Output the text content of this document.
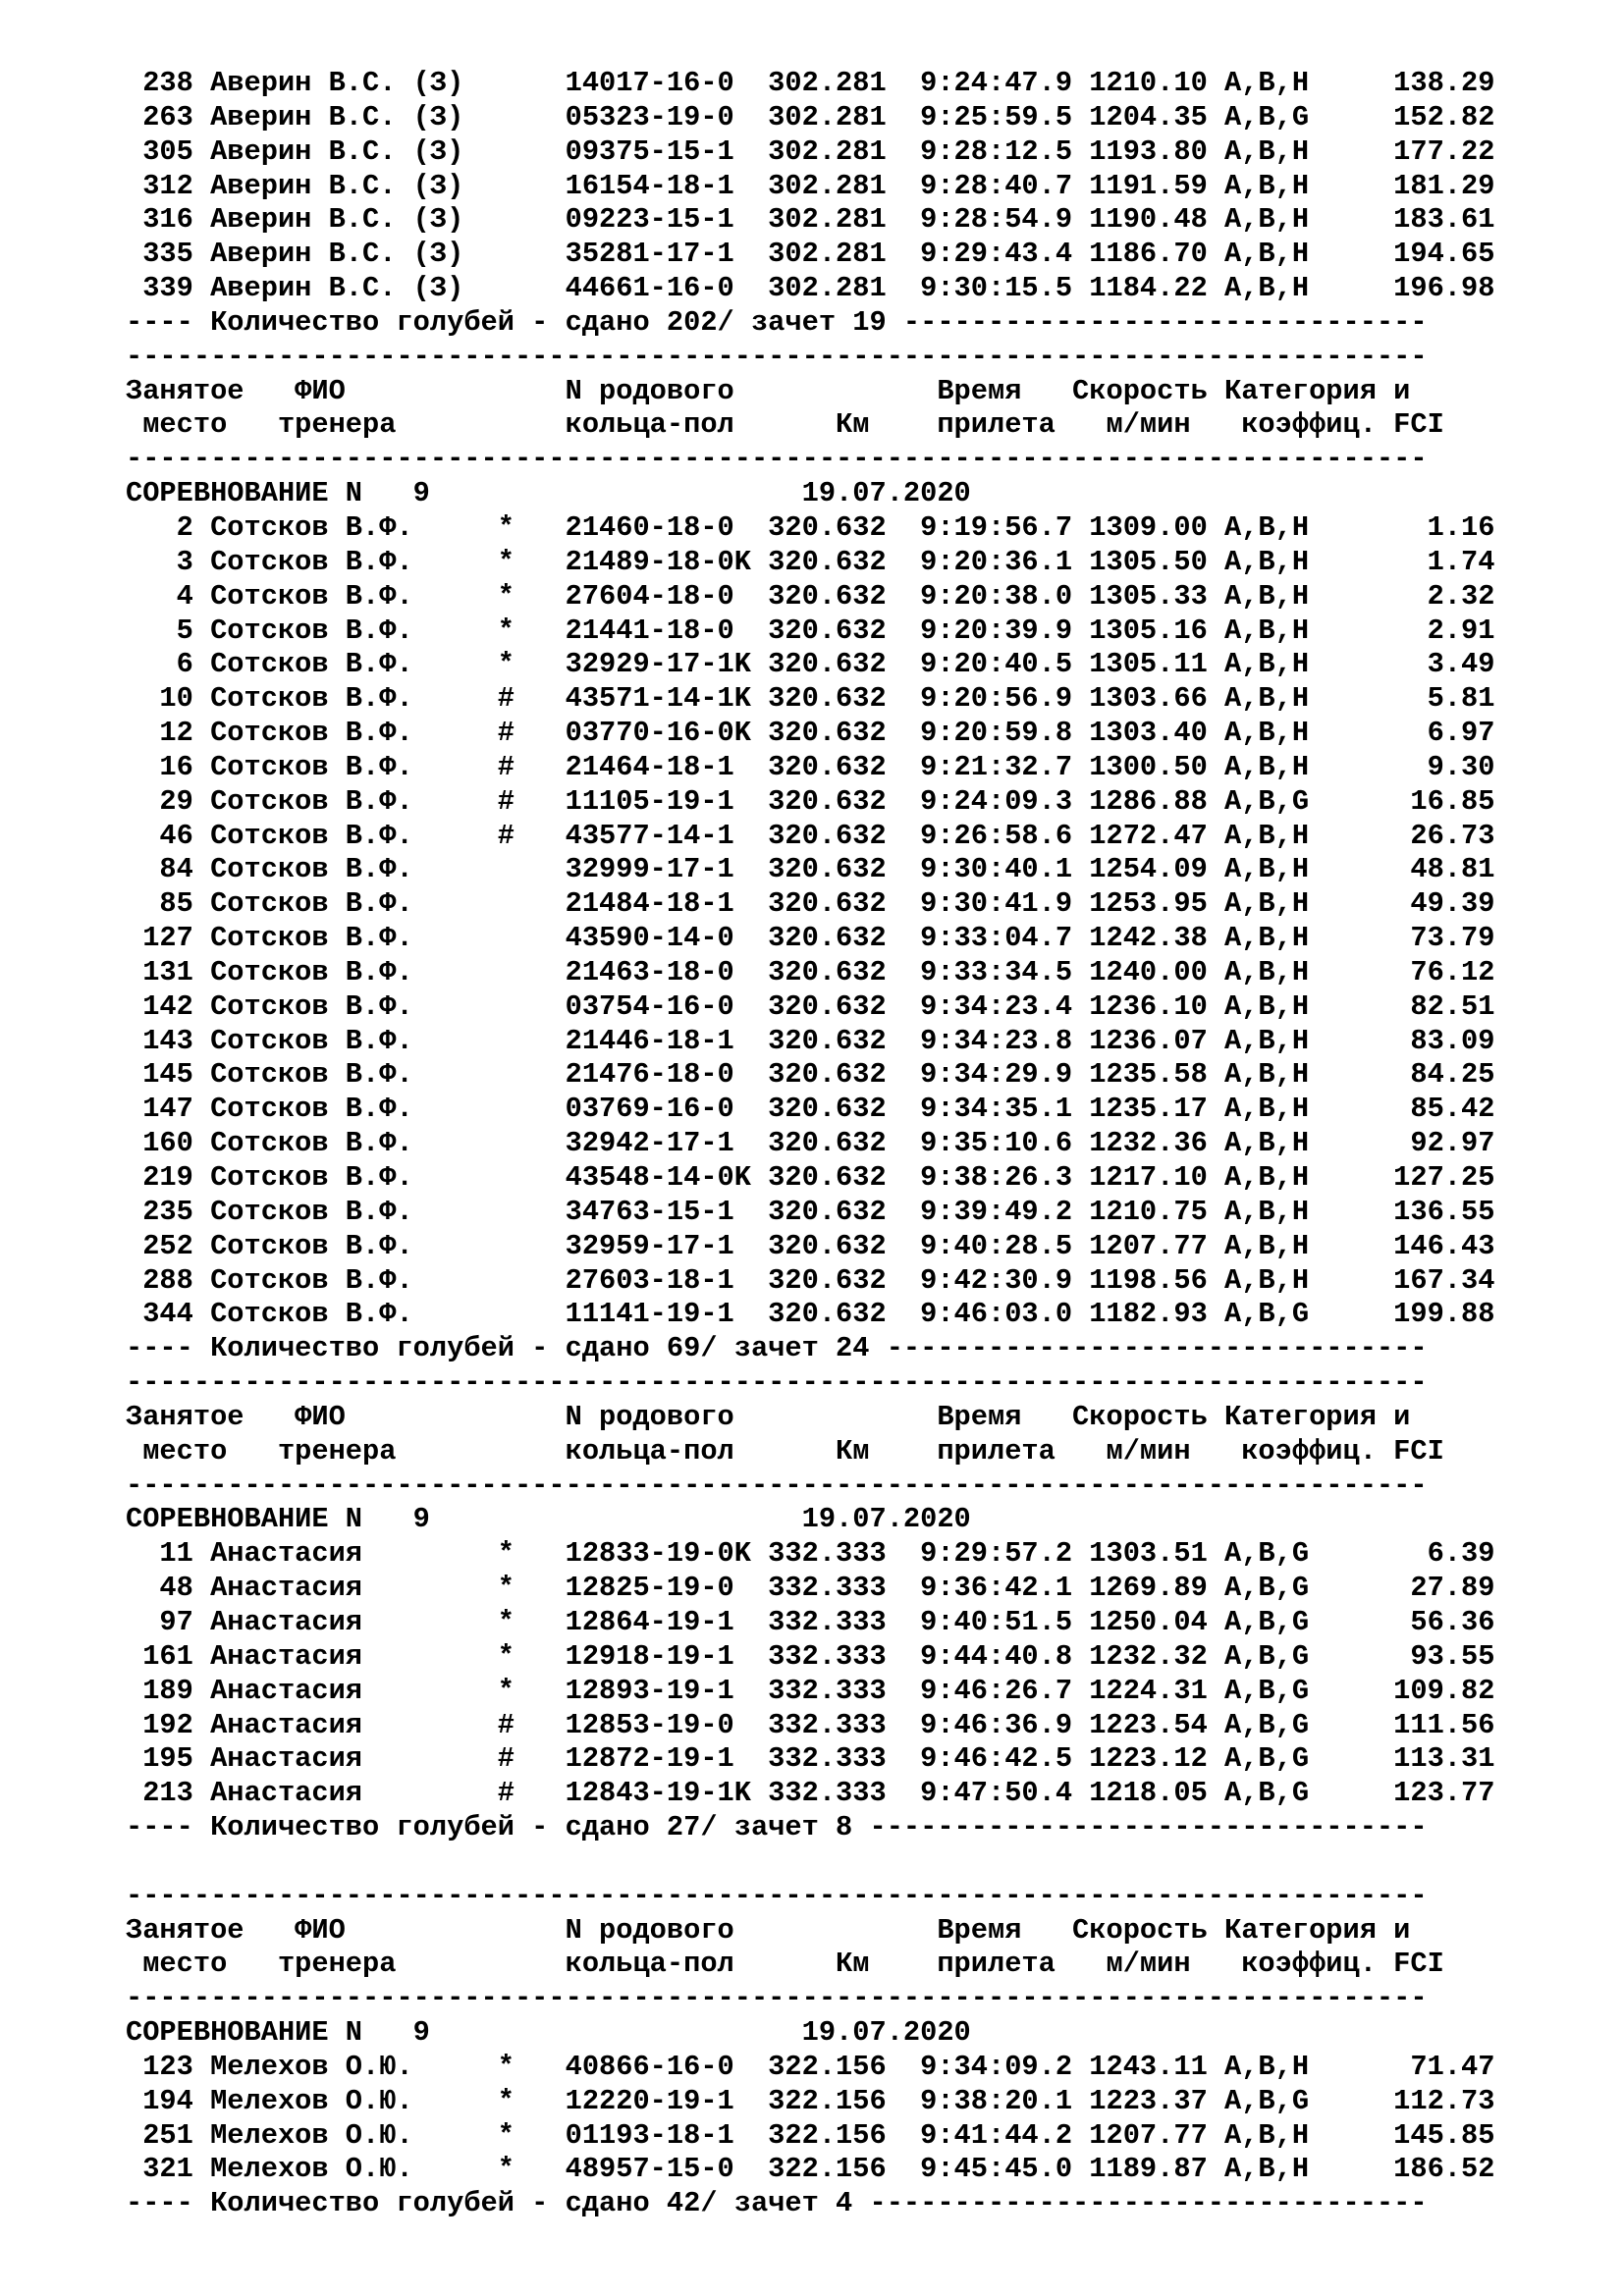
238 Аверин В.С. (З)      14017-16-0  302.281  9:24:47.9 1210.10 A,B,H     138.29
263 Аверин В.С. (З)      05323-19-0  302.281  9:25:59.5 1204.35 A,B,G     152.82
305 Аверин В.С. (З)      09375-15-1  302.281  9:28:12.5 1193.80 A,B,H     177.22
312 Аверин В.С. (З)      16154-18-1  302.281  9:28:40.7 1191.59 A,B,H     181.29
316 Аверин В.С. (З)      09223-15-1  302.281  9:28:54.9 1190.48 A,B,H     183.61
335 Аверин В.С. (З)      35281-17-1  302.281  9:29:43.4 1186.70 A,B,H     194.65
339 Аверин В.С. (З)      44661-16-0  302.281  9:30:15.5 1184.22 A,B,H     196.98
---- Количество голубей - сдано 202/ зачет 19 -------------------------------
-----------------------------------------------------------------------------
Занятое   ФИО             N родового            Время   Скорость Категория и
место   тренера          кольца-пол      Км    прилета   м/мин   коэффиц. FCI
-----------------------------------------------------------------------------
СОРЕВНОВАНИЕ N   9                      19.07.2020
2 Сотсков В.Ф.     *   21460-18-0  320.632  9:19:56.7 1309.00 A,B,H       1.16
3 Сотсков В.Ф.     *   21489-18-0K 320.632  9:20:36.1 1305.50 A,B,H       1.74
4 Сотсков В.Ф.     *   27604-18-0  320.632  9:20:38.0 1305.33 A,B,H       2.32
5 Сотсков В.Ф.     *   21441-18-0  320.632  9:20:39.9 1305.16 A,B,H       2.91
6 Сотсков В.Ф.     *   32929-17-1K 320.632  9:20:40.5 1305.11 A,B,H       3.49
10 Сотсков В.Ф.     #   43571-14-1K 320.632  9:20:56.9 1303.66 A,B,H       5.81
12 Сотсков В.Ф.     #   03770-16-0K 320.632  9:20:59.8 1303.40 A,B,H       6.97
16 Сотсков В.Ф.     #   21464-18-1  320.632  9:21:32.7 1300.50 A,B,H       9.30
29 Сотсков В.Ф.     #   11105-19-1  320.632  9:24:09.3 1286.88 A,B,G      16.85
46 Сотсков В.Ф.     #   43577-14-1  320.632  9:26:58.6 1272.47 A,B,H      26.73
84 Сотсков В.Ф.         32999-17-1  320.632  9:30:40.1 1254.09 A,B,H      48.81
85 Сотсков В.Ф.         21484-18-1  320.632  9:30:41.9 1253.95 A,B,H      49.39
127 Сотсков В.Ф.         43590-14-0  320.632  9:33:04.7 1242.38 A,B,H      73.79
131 Сотсков В.Ф.         21463-18-0  320.632  9:33:34.5 1240.00 A,B,H      76.12
142 Сотсков В.Ф.         03754-16-0  320.632  9:34:23.4 1236.10 A,B,H      82.51
143 Сотсков В.Ф.         21446-18-1  320.632  9:34:23.8 1236.07 A,B,H      83.09
145 Сотсков В.Ф.         21476-18-0  320.632  9:34:29.9 1235.58 A,B,H      84.25
147 Сотсков В.Ф.         03769-16-0  320.632  9:34:35.1 1235.17 A,B,H      85.42
160 Сотсков В.Ф.         32942-17-1  320.632  9:35:10.6 1232.36 A,B,H      92.97
219 Сотсков В.Ф.         43548-14-0K 320.632  9:38:26.3 1217.10 A,B,H     127.25
235 Сотсков В.Ф.         34763-15-1  320.632  9:39:49.2 1210.75 A,B,H     136.55
252 Сотсков В.Ф.         32959-17-1  320.632  9:40:28.5 1207.77 A,B,H     146.43
288 Сотсков В.Ф.         27603-18-1  320.632  9:42:30.9 1198.56 A,B,H     167.34
344 Сотсков В.Ф.         11141-19-1  320.632  9:46:03.0 1182.93 A,B,G     199.88
---- Количество голубей - сдано 69/ зачет 24 --------------------------------
-----------------------------------------------------------------------------
Занятое   ФИО             N родового            Время   Скорость Категория и
место   тренера          кольца-пол      Км    прилета   м/мин   коэффиц. FCI
-----------------------------------------------------------------------------
СОРЕВНОВАНИЕ N   9                      19.07.2020
11 Анастасия        *   12833-19-0K 332.333  9:29:57.2 1303.51 A,B,G       6.39
48 Анастасия        *   12825-19-0  332.333  9:36:42.1 1269.89 A,B,G      27.89
97 Анастасия        *   12864-19-1  332.333  9:40:51.5 1250.04 A,B,G      56.36
161 Анастасия        *   12918-19-1  332.333  9:44:40.8 1232.32 A,B,G      93.55
189 Анастасия        *   12893-19-1  332.333  9:46:26.7 1224.31 A,B,G     109.82
192 Анастасия        #   12853-19-0  332.333  9:46:36.9 1223.54 A,B,G     111.56
195 Анастасия        #   12872-19-1  332.333  9:46:42.5 1223.12 A,B,G     113.31
213 Анастасия        #   12843-19-1K 332.333  9:47:50.4 1218.05 A,B,G     123.77
---- Количество голубей - сдано 27/ зачет 8 ---------------------------------
-----------------------------------------------------------------------------
Занятое   ФИО             N родового            Время   Скорость Категория и
место   тренера          кольца-пол      Км    прилета   м/мин   коэффиц. FCI
-----------------------------------------------------------------------------
СОРЕВНОВАНИЕ N   9                      19.07.2020
123 Мелехов О.Ю.     *   40866-16-0  322.156  9:34:09.2 1243.11 A,B,H      71.47
194 Мелехов О.Ю.     *   12220-19-1  322.156  9:38:20.1 1223.37 A,B,G     112.73
251 Мелехов О.Ю.     *   01193-18-1  322.156  9:41:44.2 1207.77 A,B,H     145.85
321 Мелехов О.Ю.     *   48957-15-0  322.156  9:45:45.0 1189.87 A,B,H     186.52
---- Количество голубей - сдано 42/ зачет 4 ---------------------------------
